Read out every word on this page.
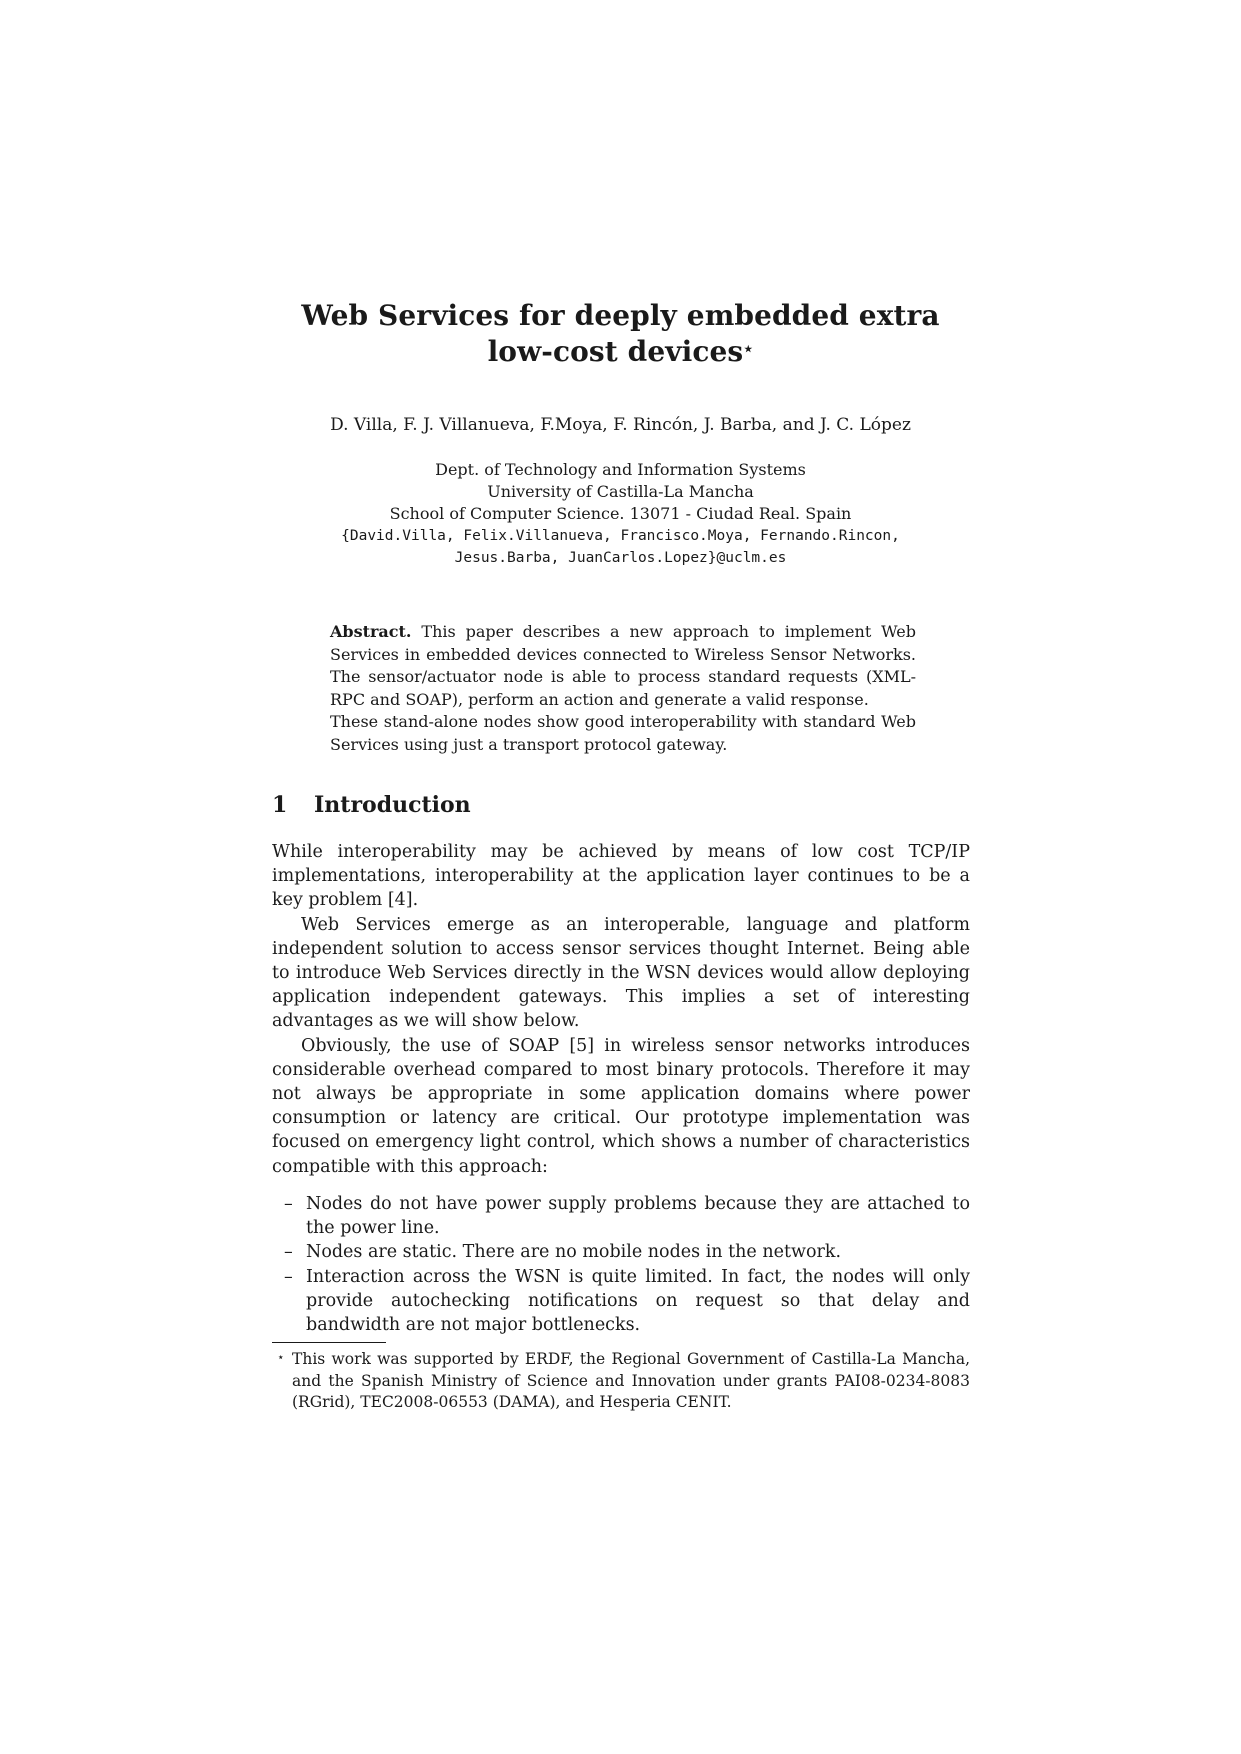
Web Services for deeply embedded extra
low-cost devices⋆
D. Villa, F. J. Villanueva, F.Moya, F. Rincón, J. Barba, and J. C. López
Dept. of Technology and Information Systems
University of Castilla-La Mancha
School of Computer Science. 13071 - Ciudad Real. Spain
{David.Villa, Felix.Villanueva, Francisco.Moya, Fernando.Rincon,
Jesus.Barba, JuanCarlos.Lopez}@uclm.es
Abstract. This paper describes a new approach to implement Web Services in embedded devices connected to Wireless Sensor Networks. The sensor/actuator node is able to process standard requests (XML-RPC and SOAP), perform an action and generate a valid response.
These stand-alone nodes show good interoperability with standard Web Services using just a transport protocol gateway.
1 Introduction

While interoperability may be achieved by means of low cost TCP/IP implementations, interoperability at the application layer continues to be a key problem [4].

Web Services emerge as an interoperable, language and platform independent solution to access sensor services thought Internet. Being able to introduce Web Services directly in the WSN devices would allow deploying application independent gateways. This implies a set of interesting advantages as we will show below.

Obviously, the use of SOAP [5] in wireless sensor networks introduces considerable overhead compared to most binary protocols. Therefore it may not always be appropriate in some application domains where power consumption or latency are critical. Our prototype implementation was focused on emergency light control, which shows a number of characteristics compatible with this approach:

– Nodes do not have power supply problems because they are attached to the power line.
– Nodes are static. There are no mobile nodes in the network.
– Interaction across the WSN is quite limited. In fact, the nodes will only provide autochecking notifications on request so that delay and bandwidth are not major bottlenecks.
⋆ This work was supported by ERDF, the Regional Government of Castilla-La Mancha, and the Spanish Ministry of Science and Innovation under grants PAI08-0234-8083 (RGrid), TEC2008-06553 (DAMA), and Hesperia CENIT.
